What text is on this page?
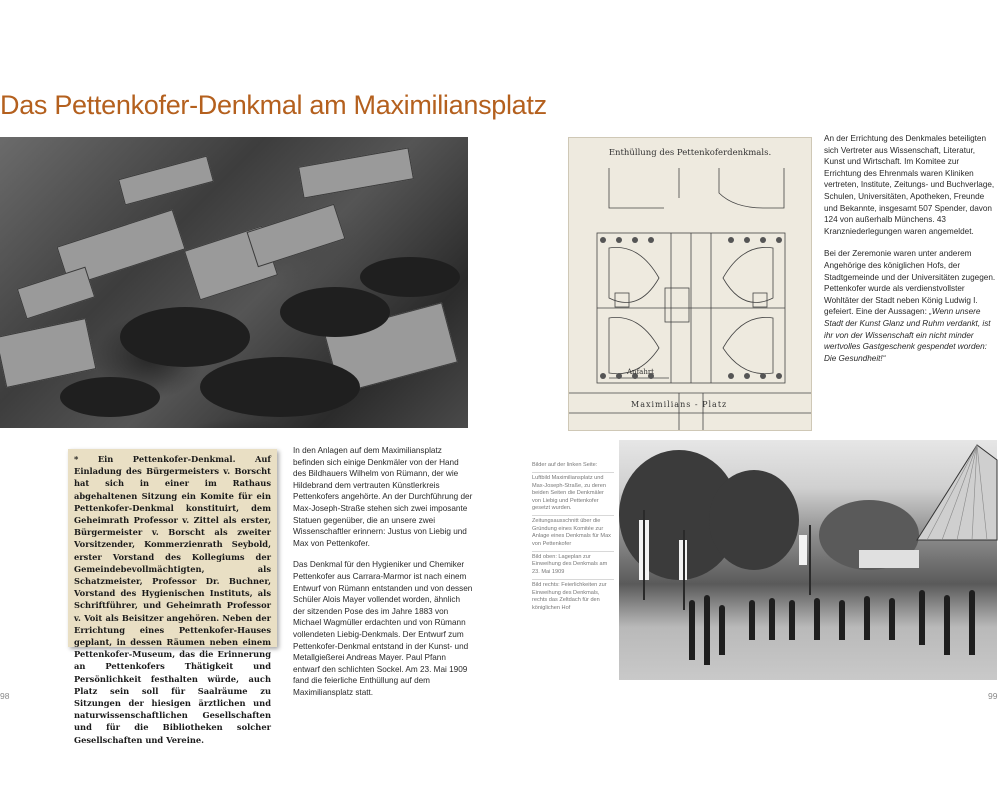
Das Pettenkofer-Denkmal am Maximiliansplatz
Enthüllung des Pettenkoferdenkmals.
Anfahrt
Maximilians - Platz

* Ein Pettenkofer-Denkmal. Auf Einladung des Bürgermeisters v. Borscht hat sich in einer im Rathaus abgehaltenen Sitzung ein Komite für ein Pettenkofer-Denkmal konstituirt, dem Geheimrath Professor v. Zittel als erster, Bürgermeister v. Borscht als zweiter Vorsitzender, Kommerzienrath Seybold, erster Vorstand des Kollegiums der Gemeindebevollmächtigten, als Schatzmeister, Professor Dr. Buchner, Vorstand des Hygienischen Instituts, als Schriftführer, und Geheimrath Professor v. Voit als Beisitzer angehören. Neben der Errichtung eines Pettenkofer-Hauses geplant, in dessen Räumen neben einem Pettenkofer-Museum, das die Erinnerung an Pettenkofers Thätigkeit und Persönlichkeit festhalten würde, auch Platz sein soll für Saalräume zu Sitzungen der hiesigen ärztlichen und naturwissenschaftlichen Gesellschaften und für die Bibliotheken solcher Gesellschaften und Vereine.

In den Anlagen auf dem Maximiliansplatz befinden sich einige Denkmäler von der Hand des Bildhauers Wilhelm von Rümann, der wie Hildebrand dem vertrauten Künstlerkreis Pettenkofers angehörte. An der Durchführung der Max-Joseph-Straße stehen sich zwei imposante Statuen gegenüber, die an unsere zwei Wissenschaftler erinnern: Justus von Liebig und Max von Pettenkofer.

Das Denkmal für den Hygieniker und Chemiker Pettenkofer aus Carrara-Marmor ist nach einem Entwurf von Rümann entstanden und von dessen Schüler Alois Mayer vollendet worden, ähnlich der sitzenden Pose des im Jahre 1883 von Michael Wagmüller erdachten und von Rümann vollendeten Liebig-Denkmals. Der Entwurf zum Pettenkofer-Denkmal entstand in der Kunst- und Metallgießerei Andreas Mayer. Paul Pfann entwarf den schlichten Sockel. Am 23. Mai 1909 fand die feierliche Enthüllung auf dem Maximiliansplatz statt.

An der Errichtung des Denkmales beteiligten sich Vertreter aus Wissenschaft, Literatur, Kunst und Wirtschaft. Im Komitee zur Errichtung des Ehrenmals waren Kliniken vertreten, Institute, Zeitungs- und Buchverlage, Schulen, Universitäten, Apotheken, Freunde und Bekannte, insgesamt 507 Spender, davon 124 von außerhalb Münchens. 43 Kranzniederlegungen waren angemeldet.

Bei der Zeremonie waren unter anderem Angehörige des königlichen Hofs, der Stadtgemeinde und der Universitäten zugegen. Pettenkofer wurde als verdienstvollster Wohltäter der Stadt neben König Ludwig I. gefeiert. Eine der Aussagen: „Wenn unsere Stadt der Kunst Glanz und Ruhm verdankt, ist ihr von der Wissenschaft ein nicht minder wertvolles Gastgeschenk gespendet worden: Die Gesundheit!“

Bilder auf der linken Seite:
Luftbild Maximiliansplatz und Max-Joseph-Straße, zu deren beiden Seiten die Denkmäler von Liebig und Pettenkofer gesetzt wurden.
Zeitungsausschnitt über die Gründung eines Komitée zur Anlage eines Denkmals für Max von Pettenkofer
Bild oben: Lageplan zur Einweihung des Denkmals am 23. Mai 1909
Bild rechts: Feierlichkeiten zur Einweihung des Denkmals, rechts das Zeltdach für den königlichen Hof
98	99
